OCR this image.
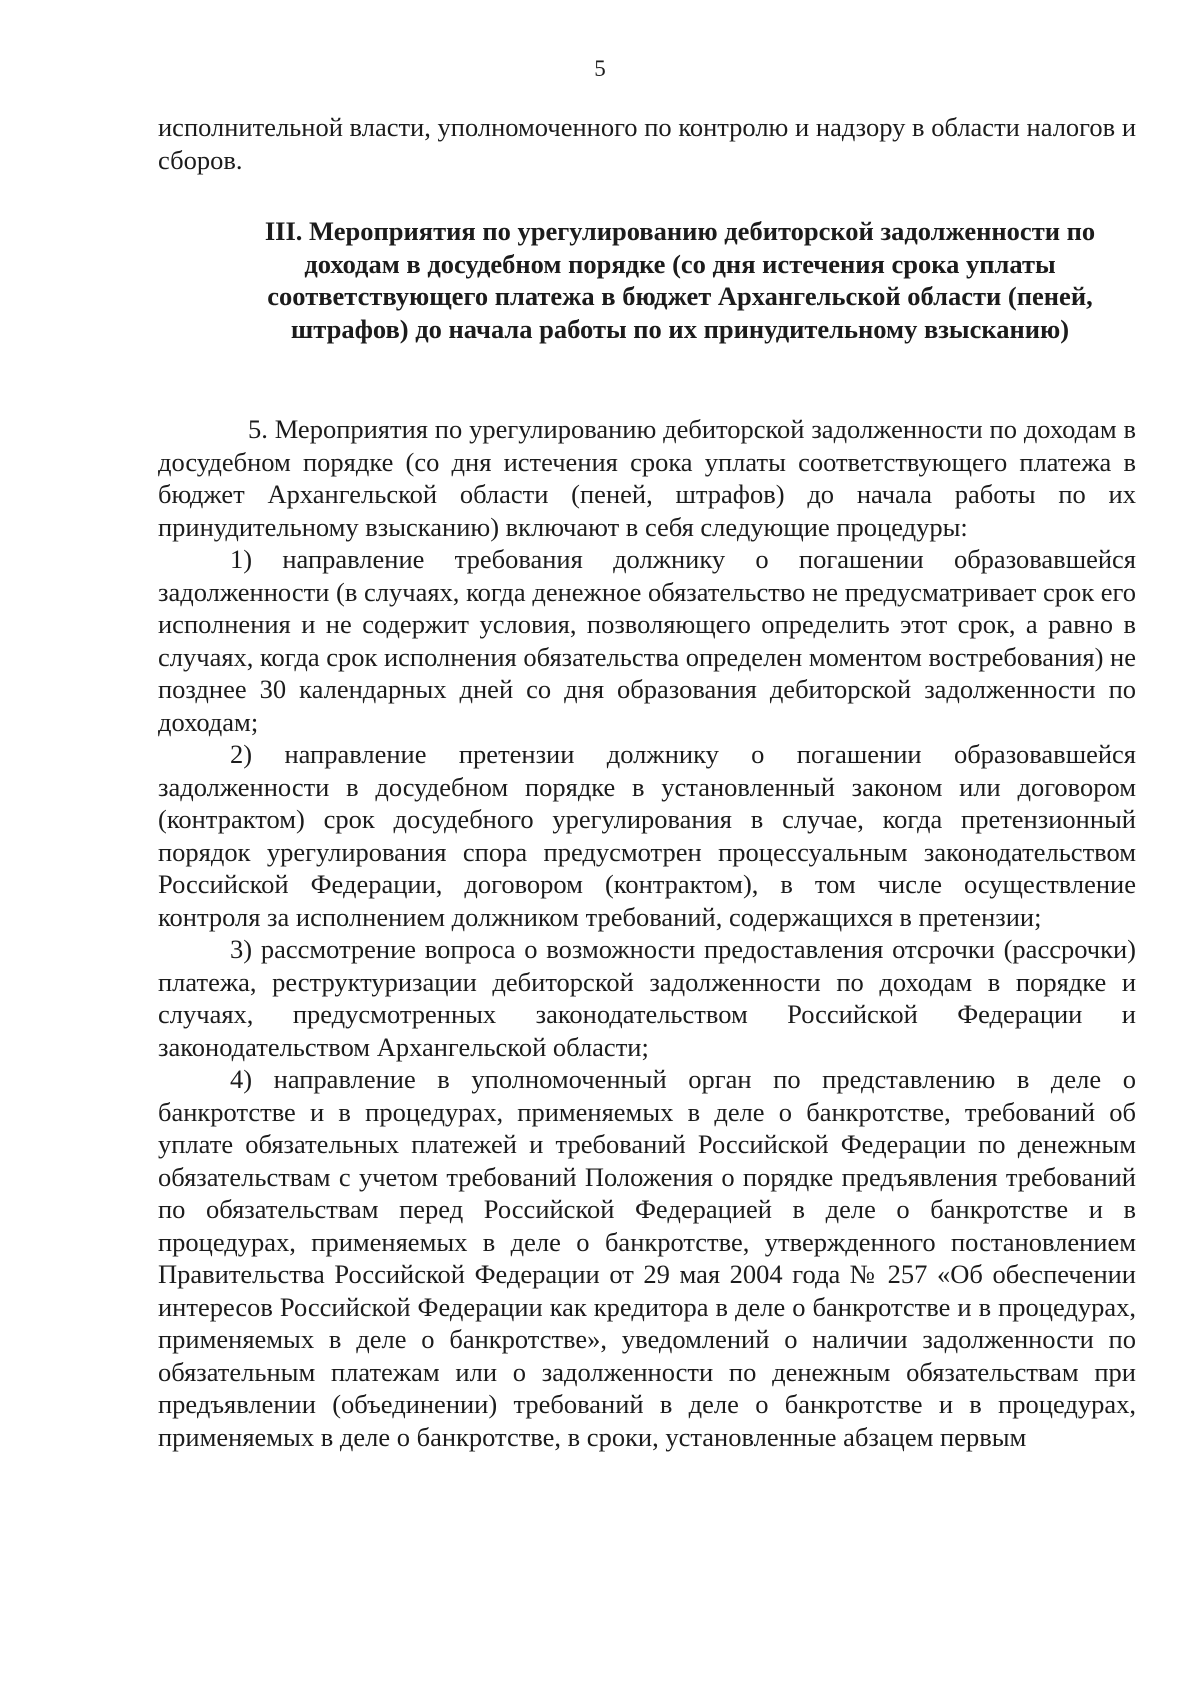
5
исполнительной власти, уполномоченного по контролю и надзору в области налогов и сборов.
III. Мероприятия по урегулированию дебиторской задолженности по доходам в досудебном порядке (со дня истечения срока уплаты соответствующего платежа в бюджет Архангельской области (пеней, штрафов) до начала работы по их принудительному взысканию)

5. Мероприятия по урегулированию дебиторской задолженности по доходам в досудебном порядке (со дня истечения срока уплаты соответствующего платежа в бюджет Архангельской области (пеней, штрафов) до начала работы по их принудительному взысканию) включают в себя следующие процедуры:

1) направление требования должнику о погашении образовавшейся задолженности (в случаях, когда денежное обязательство не предусматривает срок его исполнения и не содержит условия, позволяющего определить этот срок, а равно в случаях, когда срок исполнения обязательства определен моментом востребования) не позднее 30 календарных дней со дня образования дебиторской задолженности по доходам;

2) направление претензии должнику о погашении образовавшейся задолженности в досудебном порядке в установленный законом или договором (контрактом) срок досудебного урегулирования в случае, когда претензионный порядок урегулирования спора предусмотрен процессуальным законодательством Российской Федерации, договором (контрактом), в том числе осуществление контроля за исполнением должником требований, содержащихся в претензии;

3) рассмотрение вопроса о возможности предоставления отсрочки (рассрочки) платежа, реструктуризации дебиторской задолженности по доходам в порядке и случаях, предусмотренных законодательством Российской Федерации и законодательством Архангельской области;

4) направление в уполномоченный орган по представлению в деле о банкротстве и в процедурах, применяемых в деле о банкротстве, требований об уплате обязательных платежей и требований Российской Федерации по денежным обязательствам с учетом требований Положения о порядке предъявления требований по обязательствам перед Российской Федерацией в деле о банкротстве и в процедурах, применяемых в деле о банкротстве, утвержденного постановлением Правительства Российской Федерации от 29 мая 2004 года № 257 «Об обеспечении интересов Российской Федерации как кредитора в деле о банкротстве и в процедурах, применяемых в деле о банкротстве», уведомлений о наличии задолженности по обязательным платежам или о задолженности по денежным обязательствам при предъявлении (объединении) требований в деле о банкротстве и в процедурах, применяемых в деле о банкротстве, в сроки, установленные абзацем первым
